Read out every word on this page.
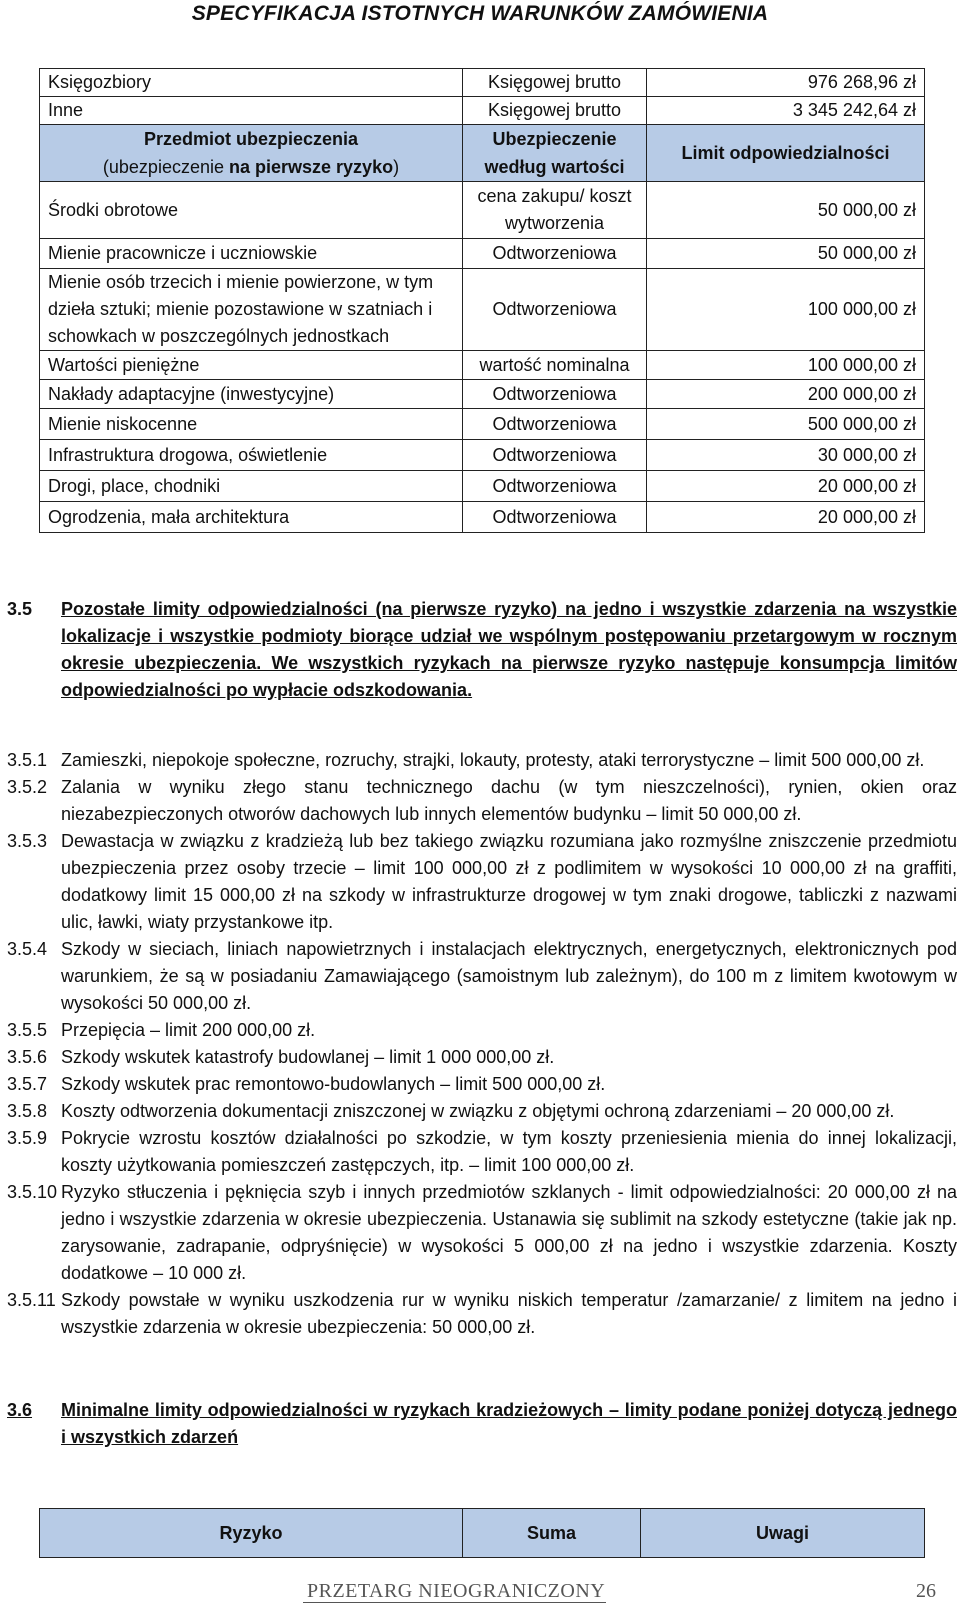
SPECYFIKACJA ISTOTNYCH WARUNKÓW ZAMÓWIENIA
Księgozbiory	Księgowej brutto	976 268,96 zł
Inne	Księgowej brutto	3 345 242,64 zł

Przedmiot ubezpieczenia
(ubezpieczenie na pierwsze ryzyko)	Ubezpieczenie według wartości	Limit odpowiedzialności
Środki obrotowe	cena zakupu/ koszt wytworzenia	50 000,00 zł
Mienie pracownicze i uczniowskie	Odtworzeniowa	50 000,00 zł
Mienie osób trzecich i mienie powierzone, w tym dzieła sztuki; mienie pozostawione w szatniach i schowkach w poszczególnych jednostkach	Odtworzeniowa	100 000,00 zł
Wartości pieniężne	wartość nominalna	100 000,00 zł
Nakłady adaptacyjne (inwestycyjne)	Odtworzeniowa	200 000,00 zł
Mienie niskocenne	Odtworzeniowa	500 000,00 zł
Infrastruktura drogowa, oświetlenie	Odtworzeniowa	30 000,00 zł
Drogi, place, chodniki	Odtworzeniowa	20 000,00 zł
Ogrodzenia, mała architektura	Odtworzeniowa	20 000,00 zł
3.5 Pozostałe limity odpowiedzialności (na pierwsze ryzyko) na jedno i wszystkie zdarzenia na wszystkie lokalizacje i wszystkie podmioty biorące udział we wspólnym postępowaniu przetargowym w rocznym okresie ubezpieczenia. We wszystkich ryzykach na pierwsze ryzyko następuje konsumpcja limitów odpowiedzialności po wypłacie odszkodowania.
3.5.1 Zamieszki, niepokoje społeczne, rozruchy, strajki, lokauty, protesty, ataki terrorystyczne – limit 500 000,00 zł.
3.5.2 Zalania w wyniku złego stanu technicznego dachu (w tym nieszczelności), rynien, okien oraz niezabezpieczonych otworów dachowych lub innych elementów budynku – limit 50 000,00 zł.
3.5.3 Dewastacja w związku z kradzieżą lub bez takiego związku rozumiana jako rozmyślne zniszczenie przedmiotu ubezpieczenia przez osoby trzecie – limit 100 000,00 zł z podlimitem w wysokości 10 000,00 zł na graffiti, dodatkowy limit 15 000,00 zł na szkody w infrastrukturze drogowej w tym znaki drogowe, tabliczki z nazwami ulic, ławki, wiaty przystankowe itp.
3.5.4 Szkody w sieciach, liniach napowietrznych i instalacjach elektrycznych, energetycznych, elektronicznych pod warunkiem, że są w posiadaniu Zamawiającego (samoistnym lub zależnym), do 100 m z limitem kwotowym w wysokości 50 000,00 zł.
3.5.5 Przepięcia – limit 200 000,00 zł.
3.5.6 Szkody wskutek katastrofy budowlanej – limit 1 000 000,00 zł.
3.5.7 Szkody wskutek prac remontowo-budowlanych – limit 500 000,00 zł.
3.5.8 Koszty odtworzenia dokumentacji zniszczonej w związku z objętymi ochroną zdarzeniami – 20 000,00 zł.
3.5.9 Pokrycie wzrostu kosztów działalności po szkodzie, w tym koszty przeniesienia mienia do innej lokalizacji, koszty użytkowania pomieszczeń zastępczych, itp. – limit 100 000,00 zł.
3.5.10 Ryzyko stłuczenia i pęknięcia szyb i innych przedmiotów szklanych - limit odpowiedzialności: 20 000,00 zł na jedno i wszystkie zdarzenia w okresie ubezpieczenia. Ustanawia się sublimit na szkody estetyczne (takie jak np. zarysowanie, zadrapanie, odpryśnięcie) w wysokości 5 000,00 zł na jedno i wszystkie zdarzenia. Koszty dodatkowe – 10 000 zł.
3.5.11 Szkody powstałe w wyniku uszkodzenia rur w wyniku niskich temperatur /zamarzanie/ z limitem na jedno i wszystkie zdarzenia w okresie ubezpieczenia: 50 000,00 zł.
3.6 Minimalne limity odpowiedzialności w ryzykach kradzieżowych – limity podane poniżej dotyczą jednego i wszystkich zdarzeń
Ryzyko	Suma	Uwagi
PRZETARG NIEOGRANICZONY	26
